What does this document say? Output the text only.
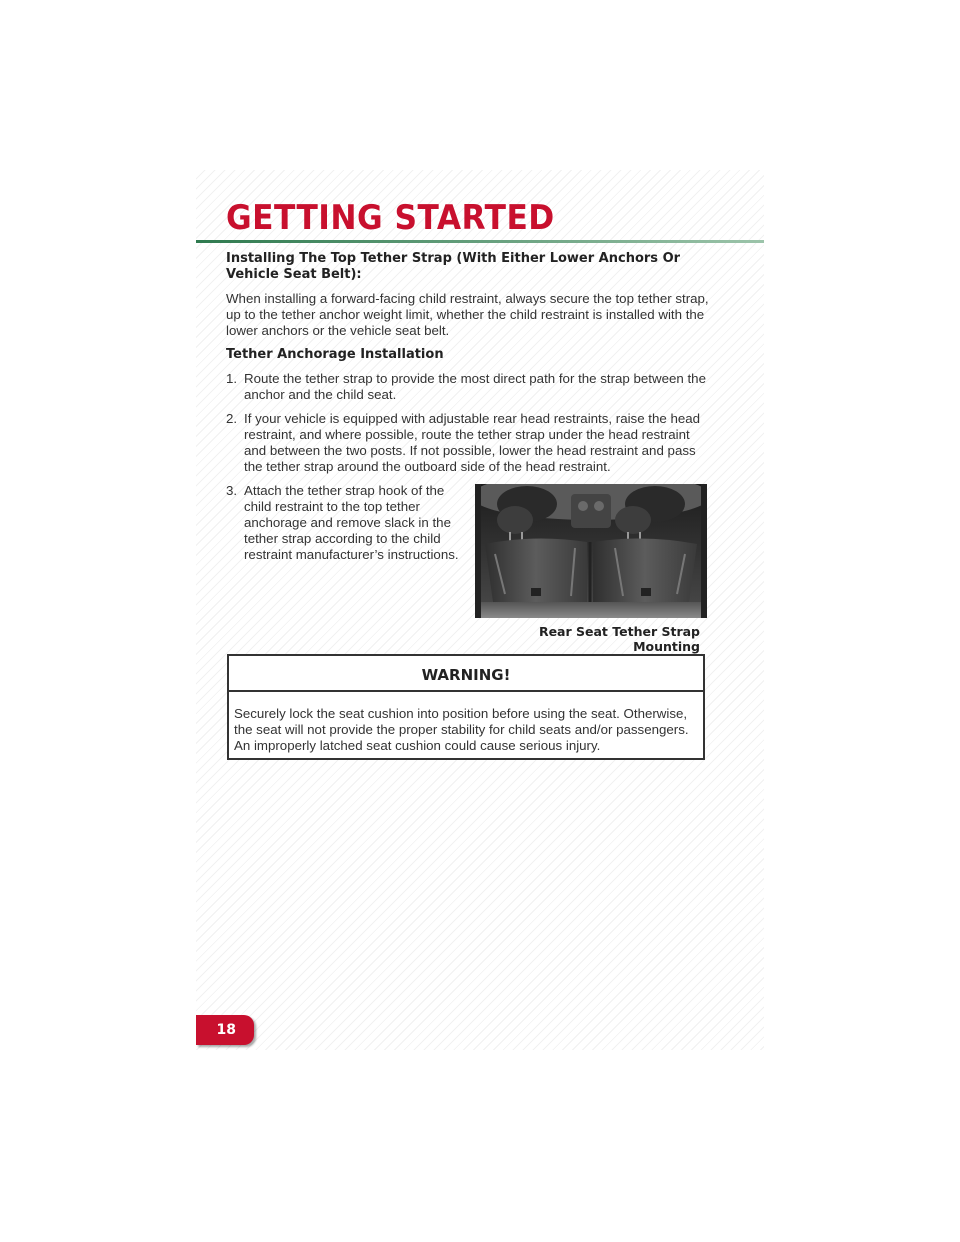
GETTING STARTED

Installing The Top Tether Strap (With Either Lower Anchors Or Vehicle Seat Belt):

When installing a forward-facing child restraint, always secure the top tether strap, up to the tether anchor weight limit, whether the child restraint is installed with the lower anchors or the vehicle seat belt.

Tether Anchorage Installation

1. Route the tether strap to provide the most direct path for the strap between the anchor and the child seat.
2. If your vehicle is equipped with adjustable rear head restraints, raise the head restraint, and where possible, route the tether strap under the head restraint and between the two posts. If not possible, lower the head restraint and pass the tether strap around the outboard side of the head restraint.
3. Attach the tether strap hook of the child restraint to the top tether anchorage and remove slack in the tether strap according to the child restraint manufacturer’s instructions.

Rear Seat Tether Strap Mounting

WARNING!
Securely lock the seat cushion into position before using the seat. Otherwise, the seat will not provide the proper stability for child seats and/or passengers. An improperly latched seat cushion could cause serious injury.
18
